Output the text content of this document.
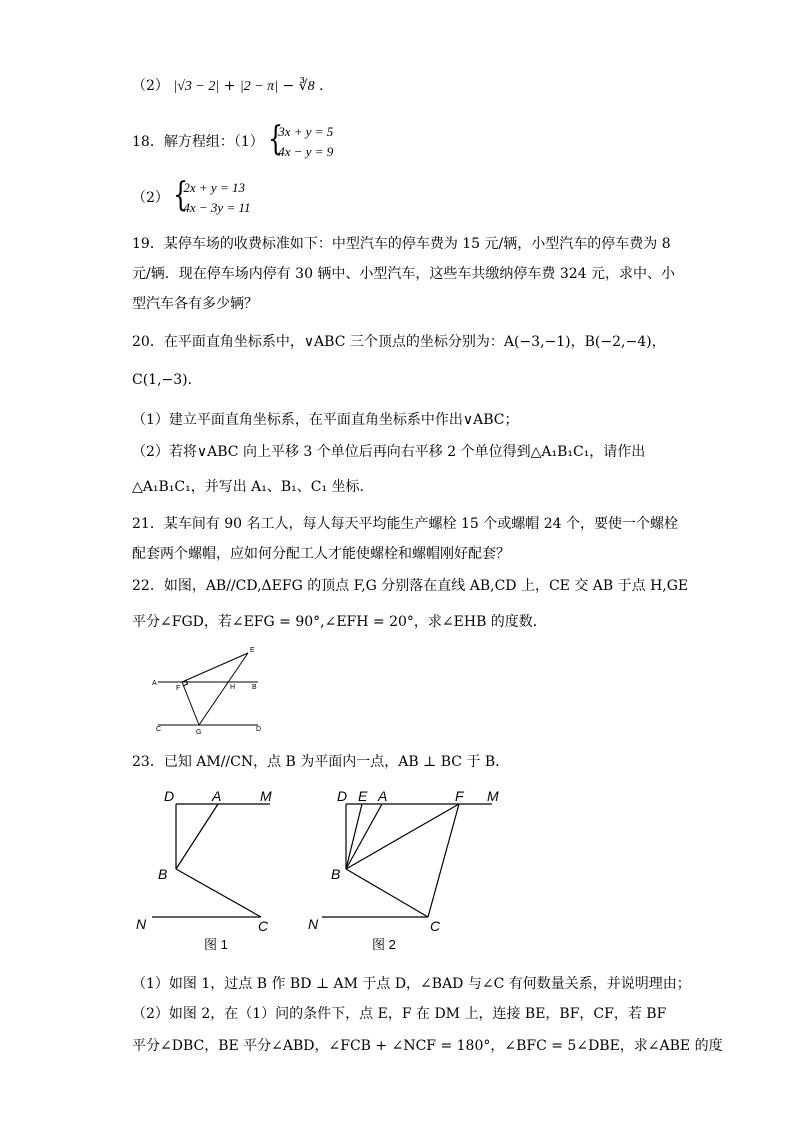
（2） |√3 − 2| + |2 − π| − ∛8 ．
18．解方程组：（1） {
3x + y = 5
4x − y = 9
（2） {
2x + y = 13
4x − 3y = 11
19．某停车场的收费标准如下：中型汽车的停车费为 15 元/辆，小型汽车的停车费为 8
元/辆．现在停车场内停有 30 辆中、小型汽车，这些车共缴纳停车费 324 元，求中、小
型汽车各有多少辆？
20．在平面直角坐标系中，∨ABC 三个顶点的坐标分别为：A(−3,−1)，B(−2,−4)，
C(1,−3)．
（1）建立平面直角坐标系，在平面直角坐标系中作出∨ABC；
（2）若将∨ABC 向上平移 3 个单位后再向右平移 2 个单位得到△A₁B₁C₁，请作出
△A₁B₁C₁，并写出 A₁、B₁、C₁ 坐标．
21．某车间有 90 名工人，每人每天平均能生产螺栓 15 个或螺帽 24 个，要使一个螺栓
配套两个螺帽，应如何分配工人才能使螺栓和螺帽刚好配套？
22．如图，AB//CD,ΔEFG 的顶点 F,G 分别落在直线 AB,CD 上，CE 交 AB 于点 H,GE
平分∠FGD，若∠EFG = 90°,∠EFH = 20°，求∠EHB 的度数．
E
A
F	H B
C	G	D
23．已知 AM//CN，点 B 为平面内一点，AB ⊥ BC 于 B．
D	A	M
B
N	C
D E A	F M
B
N	C
图 1	图 2
（1）如图 1，过点 B 作 BD ⊥ AM 于点 D，∠BAD 与∠C 有何数量关系，并说明理由；
（2）如图 2，在（1）问的条件下，点 E，F 在 DM 上，连接 BE，BF，CF，若 BF
平分∠DBC，BE 平分∠ABD，∠FCB + ∠NCF = 180°，∠BFC = 5∠DBE，求∠ABE 的度
